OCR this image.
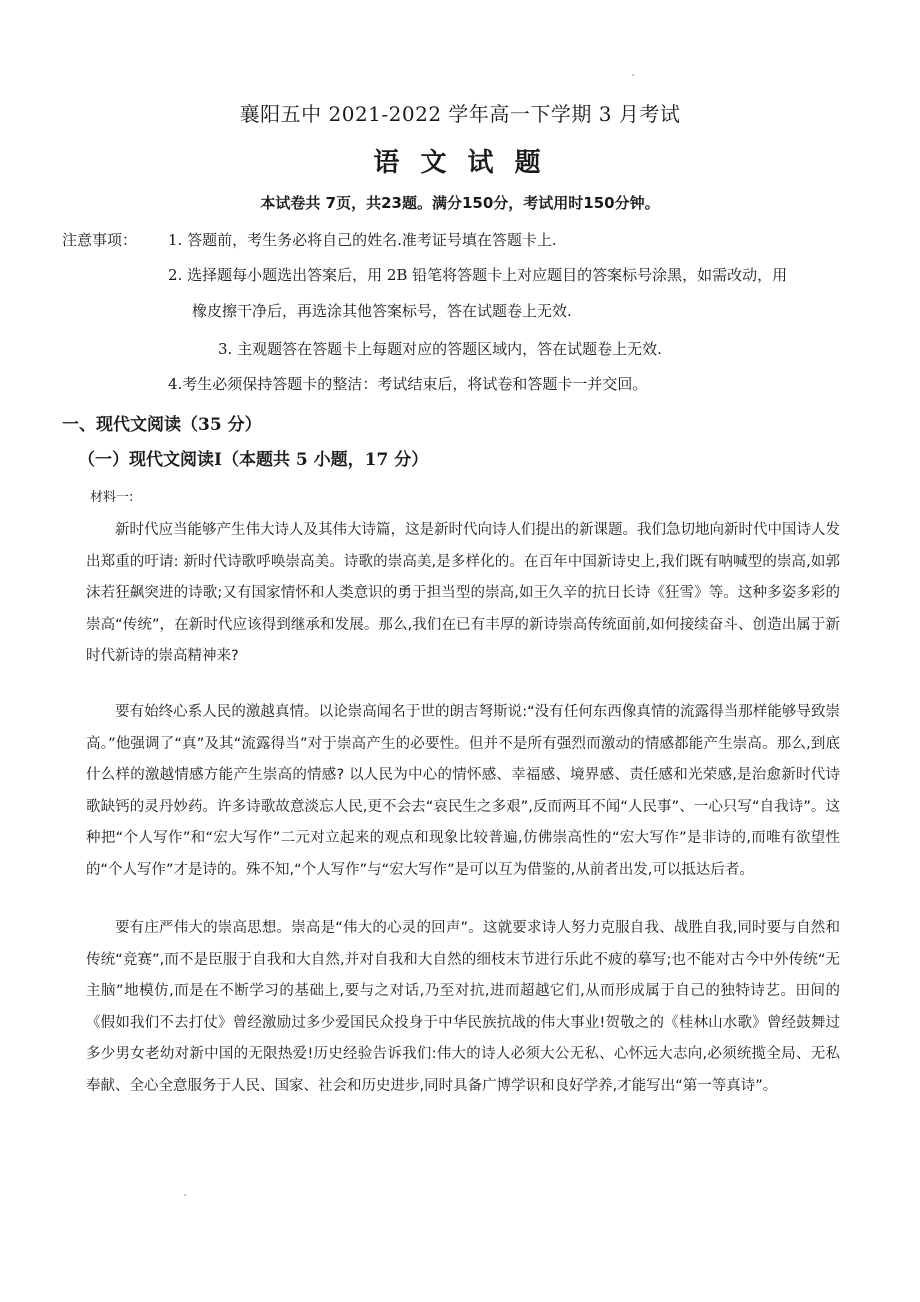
襄阳五中 2021-2022 学年高一下学期 3 月考试
语 文 试 题
本试卷共 7页，共23题。满分150分，考试用时150分钟。
注意事项： 1. 答题前，考生务必将自己的姓名.准考证号填在答题卡上.
2. 选择题每小题选出答案后，用 2B 铅笔将答题卡上对应题目的答案标号涂黑，如需改动，用
橡皮擦干净后，再选涂其他答案标号，答在试题卷上无效.
3. 主观题答在答题卡上每题对应的答题区域内，答在试题卷上无效.
4.考生必须保持答题卡的整洁：考试结束后，将试卷和答题卡一并交回。
一、现代文阅读（35 分）
（一）现代文阅读Ⅰ（本题共 5 小题，17 分）
材料一:

新时代应当能够产生伟大诗人及其伟大诗篇，这是新时代向诗人们提出的新课题。我们急切地向新时代中国诗人发出郑重的吁请: 新时代诗歌呼唤崇高美。诗歌的崇高美,是多样化的。在百年中国新诗史上,我们既有呐喊型的崇高,如郭沫若狂飙突进的诗歌;又有国家情怀和人类意识的勇于担当型的崇高,如王久辛的抗日长诗《狂雪》等。这种多姿多彩的崇高“传统”，在新时代应该得到继承和发展。那么,我们在已有丰厚的新诗崇高传统面前,如何接续奋斗、创造出属于新时代新诗的崇高精神来?

要有始终心系人民的激越真情。以论崇高闻名于世的朗吉弩斯说:“没有任何东西像真情的流露得当那样能够导致崇高。”他强调了“真”及其“流露得当”对于崇高产生的必要性。但并不是所有强烈而激动的情感都能产生崇高。那么,到底什么样的激越情感方能产生崇高的情感? 以人民为中心的情怀感、幸福感、境界感、责任感和光荣感,是治愈新时代诗歌缺钙的灵丹妙药。许多诗歌故意淡忘人民,更不会去“哀民生之多艰”,反而两耳不闻“人民事”、一心只写“自我诗”。这种把“个人写作”和“宏大写作”二元对立起来的观点和现象比较普遍,仿佛崇高性的“宏大写作”是非诗的,而唯有欲望性的“个人写作”才是诗的。殊不知,“个人写作”与“宏大写作”是可以互为借鉴的,从前者出发,可以抵达后者。

要有庄严伟大的崇高思想。崇高是“伟大的心灵的回声”。这就要求诗人努力克服自我、战胜自我,同时要与自然和传统“竞赛”,而不是臣服于自我和大自然,并对自我和大自然的细枝末节进行乐此不疲的摹写;也不能对古今中外传统“无主脑”地模仿,而是在不断学习的基础上,要与之对话,乃至对抗,进而超越它们,从而形成属于自己的独特诗艺。田间的《假如我们不去打仗》曾经激励过多少爱国民众投身于中华民族抗战的伟大事业!贺敬之的《桂林山水歌》曾经鼓舞过多少男女老幼对新中国的无限热爱!历史经验告诉我们:伟大的诗人必须大公无私、心怀远大志向,必须统揽全局、无私奉献、全心全意服务于人民、国家、社会和历史进步,同时具备广博学识和良好学养,才能写出“第一等真诗”。
